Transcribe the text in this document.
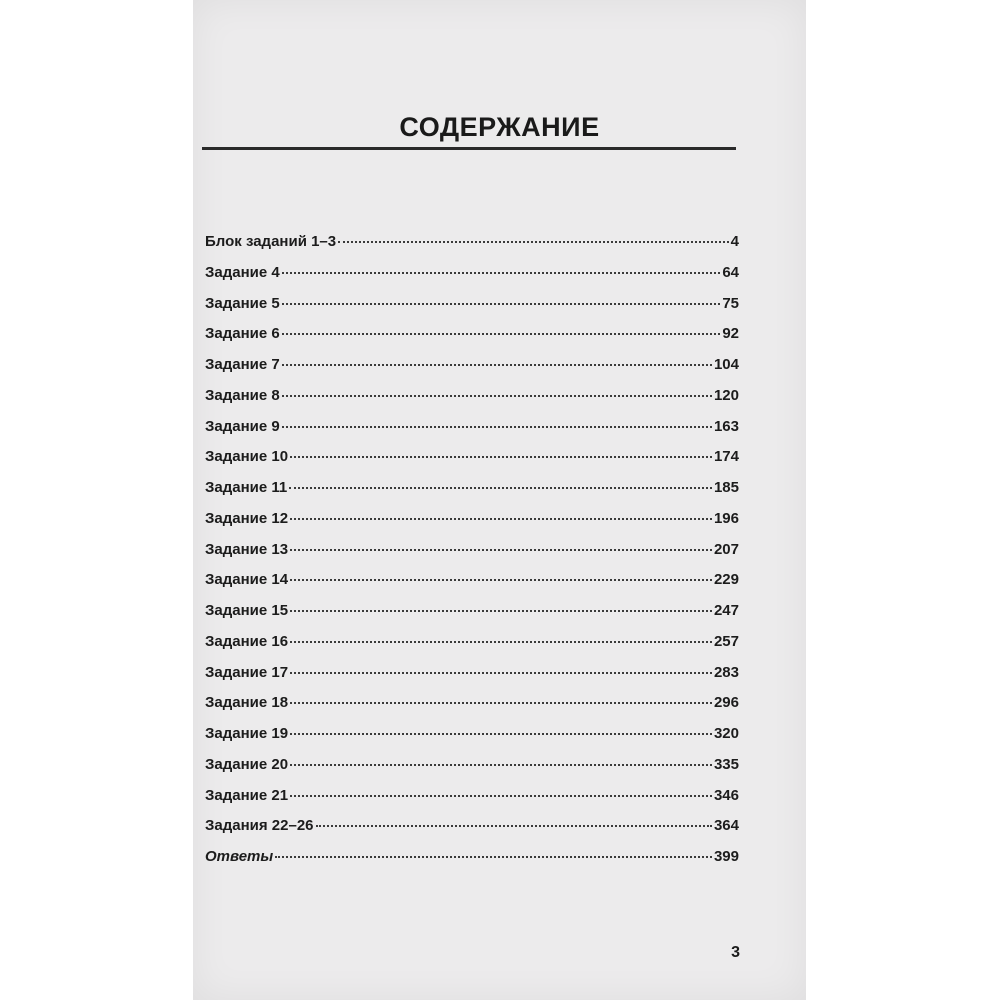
СОДЕРЖАНИЕ
Блок заданий 1–3	4
Задание 4	64
Задание 5	75
Задание 6	92
Задание 7	104
Задание 8	120
Задание 9	163
Задание 10	174
Задание 11	185
Задание 12	196
Задание 13	207
Задание 14	229
Задание 15	247
Задание 16	257
Задание 17	283
Задание 18	296
Задание 19	320
Задание 20	335
Задание 21	346
Задания 22–26	364
Ответы	399
3
